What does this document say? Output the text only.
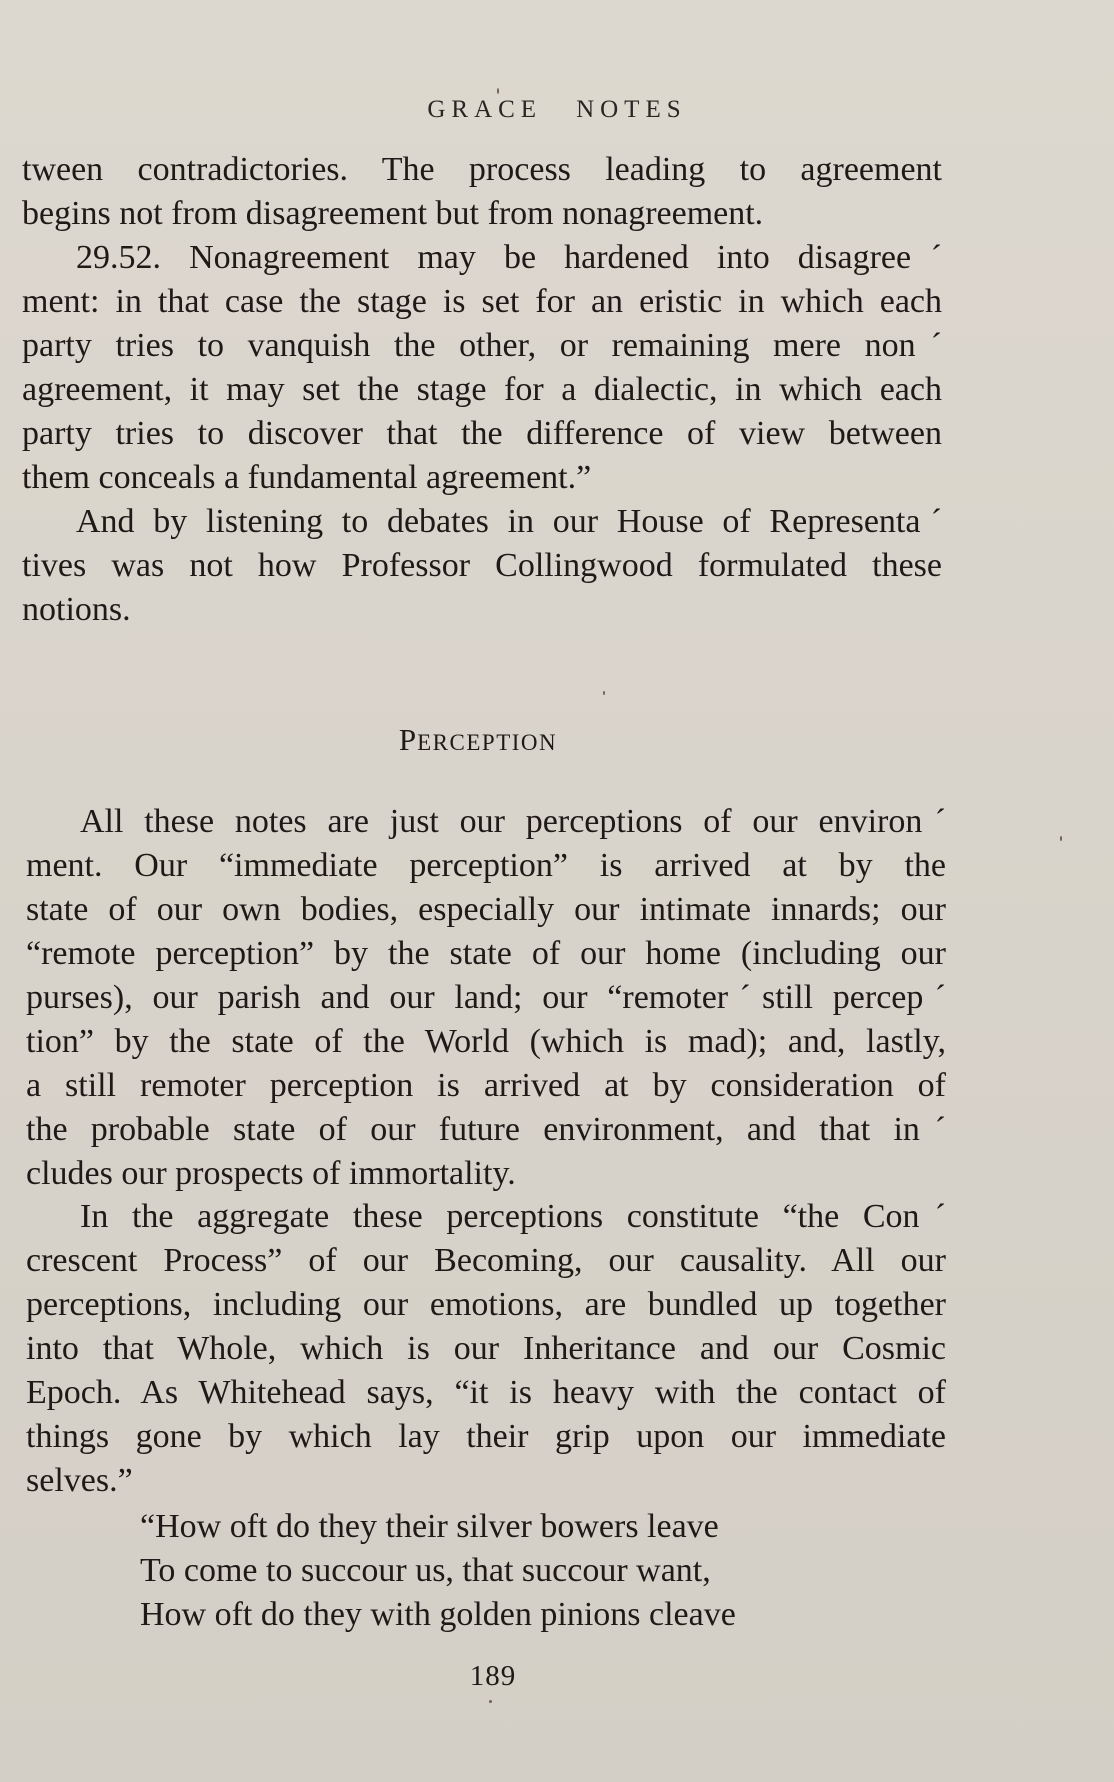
GRACE NOTES
tween contradictories. The process leading to agreement
begins not from disagreement but from nonagreement.
29.52. Nonagreement may be hardened into disagreeˊ
ment: in that case the stage is set for an eristic in which each
party tries to vanquish the other, or remaining mere nonˊ
agreement, it may set the stage for a dialectic, in which each
party tries to discover that the difference of view between
them conceals a fundamental agreement.”
And by listening to debates in our House of Representaˊ
tives was not how Professor Collingwood formulated these
notions.
PERCEPTION
All these notes are just our perceptions of our environˊ
ment. Our “immediate perception” is arrived at by the
state of our own bodies, especially our intimate innards; our
“remote perception” by the state of our home (including our
purses), our parish and our land; our “remoterˊstill percepˊ
tion” by the state of the World (which is mad); and, lastly,
a still remoter perception is arrived at by consideration of
the probable state of our future environment, and that inˊ
cludes our prospects of immortality.
In the aggregate these perceptions constitute “the Conˊ
crescent Process” of our Becoming, our causality. All our
perceptions, including our emotions, are bundled up together
into that Whole, which is our Inheritance and our Cosmic
Epoch. As Whitehead says, “it is heavy with the contact of
things gone by which lay their grip upon our immediate
selves.”
“How oft do they their silver bowers leave
To come to succour us, that succour want,
How oft do they with golden pinions cleave
189
